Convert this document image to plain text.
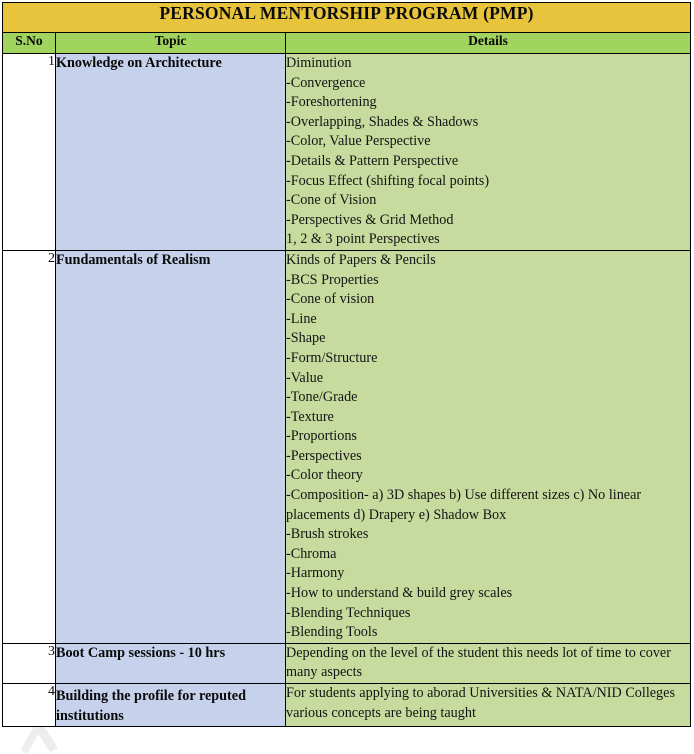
PERSONAL MENTORSHIP PROGRAM (PMP)		
S.No	Topic	Details
1	Knowledge on Architecture	Diminution
-Convergence
-Foreshortening
-Overlapping, Shades & Shadows
-Color, Value Perspective
-Details & Pattern Perspective
-Focus Effect (shifting focal points)
-Cone of Vision
-Perspectives & Grid Method
1, 2 & 3 point Perspectives

2	Fundamentals of Realism	Kinds of Papers & Pencils
-BCS Properties
-Cone of vision
-Line
-Shape
-Form/Structure
-Value
-Tone/Grade
-Texture
-Proportions
-Perspectives
-Color theory
-Composition- a) 3D shapes b) Use different sizes c) No linear placements d) Drapery e) Shadow Box
-Brush strokes
-Chroma
-Harmony
-How to understand & build grey scales
-Blending Techniques
-Blending Tools

3	Boot Camp sessions - 10 hrs	Depending on the level of the student this needs lot of time to cover many aspects

4	Building the profile for reputed institutions	For students applying to aborad Universities & NATA/NID Colleges various concepts are being taught
